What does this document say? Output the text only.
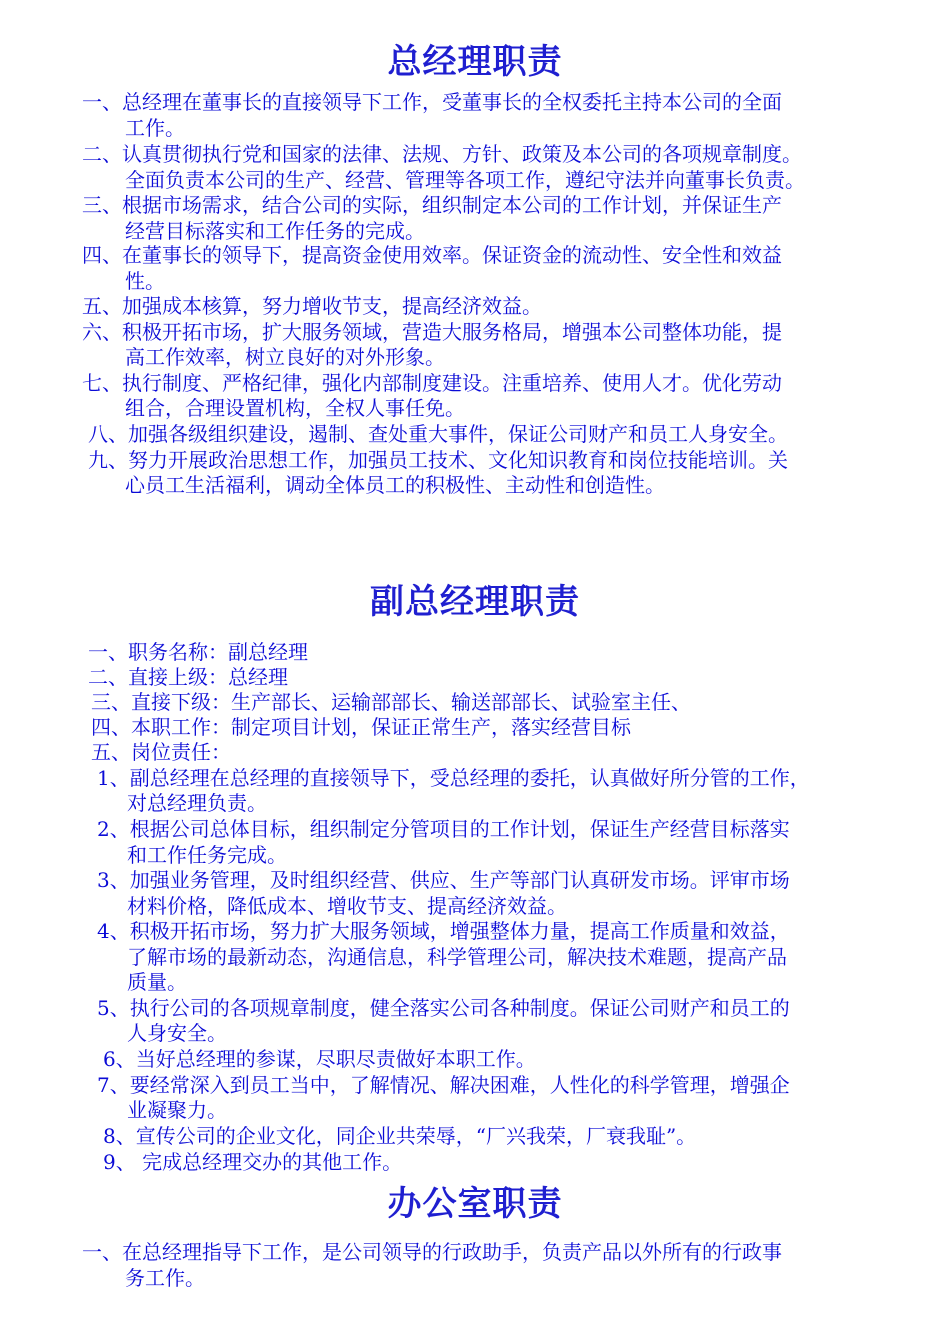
总经理职责
一、总经理在董事长的直接领导下工作，受董事长的全权委托主持本公司的全面
工作。
二、认真贯彻执行党和国家的法律、法规、方针、政策及本公司的各项规章制度。
全面负责本公司的生产、经营、管理等各项工作，遵纪守法并向董事长负责。
三、根据市场需求，结合公司的实际，组织制定本公司的工作计划，并保证生产
经营目标落实和工作任务的完成。
四、在董事长的领导下，提高资金使用效率。保证资金的流动性、安全性和效益
性。
五、加强成本核算，努力增收节支，提高经济效益。
六、积极开拓市场，扩大服务领域，营造大服务格局，增强本公司整体功能，提
高工作效率，树立良好的对外形象。
七、执行制度、严格纪律，强化内部制度建设。注重培养、使用人才。优化劳动
组合，合理设置机构，全权人事任免。
八、加强各级组织建设，遏制、查处重大事件，保证公司财产和员工人身安全。
九、努力开展政治思想工作，加强员工技术、文化知识教育和岗位技能培训。关
心员工生活福利，调动全体员工的积极性、主动性和创造性。
副总经理职责
一、职务名称：副总经理
二、直接上级：总经理
三、直接下级：生产部长、运输部部长、输送部部长、试验室主任、
四、本职工作：制定项目计划，保证正常生产，落实经营目标
五、岗位责任：
1、副总经理在总经理的直接领导下，受总经理的委托，认真做好所分管的工作，
对总经理负责。
2、根据公司总体目标，组织制定分管项目的工作计划，保证生产经营目标落实
和工作任务完成。
3、加强业务管理，及时组织经营、供应、生产等部门认真研发市场。评审市场
材料价格，降低成本、增收节支、提高经济效益。
4、积极开拓市场，努力扩大服务领域，增强整体力量，提高工作质量和效益，
了解市场的最新动态，沟通信息，科学管理公司，解决技术难题，提高产品
质量。
5、执行公司的各项规章制度，健全落实公司各种制度。保证公司财产和员工的
人身安全。
6、当好总经理的参谋，尽职尽责做好本职工作。
7、要经常深入到员工当中，了解情况、解决困难，人性化的科学管理，增强企
业凝聚力。
8、宣传公司的企业文化，同企业共荣辱，“厂兴我荣，厂衰我耻”。
9、 完成总经理交办的其他工作。
办公室职责
一、在总经理指导下工作，是公司领导的行政助手，负责产品以外所有的行政事
务工作。
